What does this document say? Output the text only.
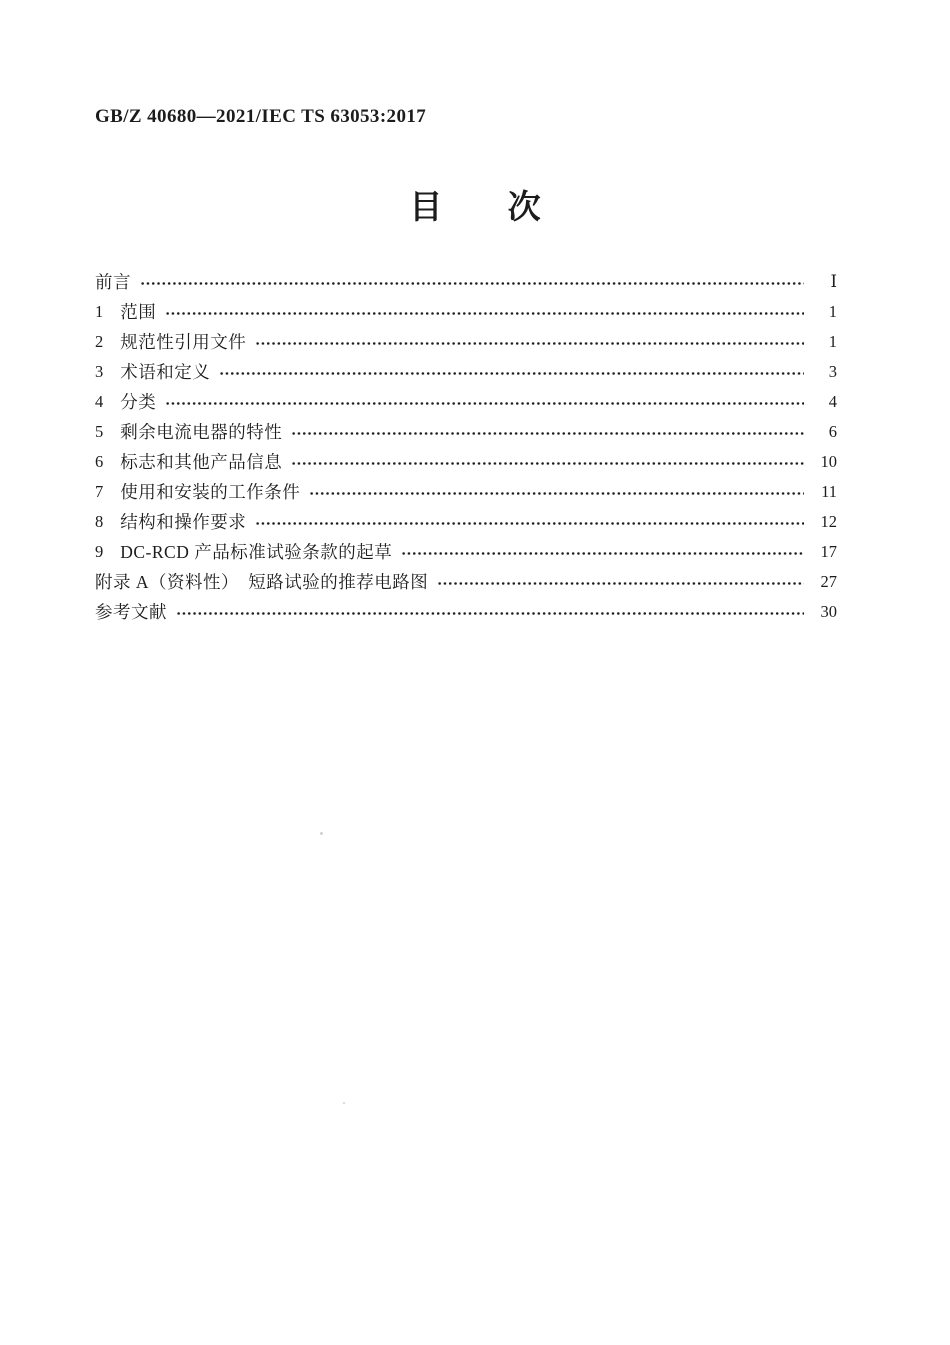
GB/Z 40680—2021/IEC TS 63053:2017
目 次
前言	Ⅰ
1 范围	1
2 规范性引用文件	1
3 术语和定义	3
4 分类	4
5 剩余电流电器的特性	6
6 标志和其他产品信息	10
7 使用和安装的工作条件	11
8 结构和操作要求	12
9 DC-RCD 产品标准试验条款的起草	17
附录 A（资料性）　短路试验的推荐电路图	27
参考文献	30
